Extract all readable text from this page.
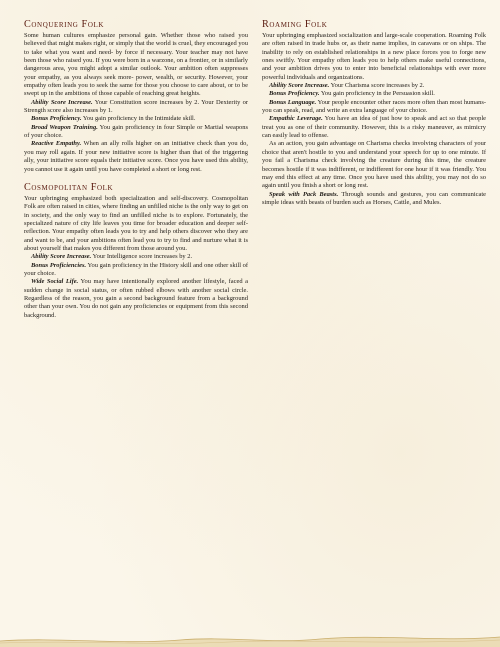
Conquering Folk

Some human cultures emphasize personal gain. Whether those who raised you believed that might makes right, or simply that the world is cruel, they encouraged you to take what you want and need- by force if necessary. Your teacher may not have been those who raised you. If you were born in a warzone, on a frontier, or in similarly dangerous area, you might adopt a similar outlook. Your ambition often suppresses your empathy, as you always seek more- power, wealth, or security. However, your empathy often leads you to seek the same for those you choose to care about, or to be swept up in the ambitions of those capable of reaching great heights.

Ability Score Increase. Your Constitution score increases by 2. Your Dexterity or Strength score also increases by 1.

Bonus Proficiency. You gain proficiency in the Intimidate skill.

Broad Weapon Training. You gain proficiency in four Simple or Martial weapons of your choice.

Reactive Empathy. When an ally rolls higher on an initiative check than you do, you may roll again. If your new initiative score is higher than that of the triggering ally, your initiative score equals their initiative score. Once you have used this ability, you cannot use it again until you have completed a short or long rest.

Cosmopolitan Folk

Your upbringing emphasized both specialization and self-discovery. Cosmopolitan Folk are often raised in cities, where finding an unfilled niche is the only way to get on in society, and the only way to find an unfilled niche is to explore. Fortunately, the specialized nature of city life leaves you time for broader education and deeper self-reflection. Your empathy often leads you to try and help others discover who they are and want to be, and your ambitions often lead you to try to find and nurture what it is about yourself that makes you different from those around you.

Ability Score Increase. Your Intelligence score increases by 2.

Bonus Proficiencies. You gain proficiency in the History skill and one other skill of your choice.

Wide Social Life. You may have intentionally explored another lifestyle, faced a sudden change in social status, or often rubbed elbows with another social circle. Regardless of the reason, you gain a second background feature from a background other than your own. You do not gain any proficiencies or equipment from this second background.

Roaming Folk

Your upbringing emphasized socialization and large-scale cooperation. Roaming Folk are often raised in trade hubs or, as their name implies, in caravans or on ships. The inability to rely on established relationships in a new place forces you to forge new ones swiftly. Your empathy often leads you to help others make useful connections, and your ambition drives you to enter into beneficial relationships with ever more powerful individuals and organizations.

Ability Score Increase. Your Charisma score increases by 2.

Bonus Proficiency. You gain proficiency in the Persuasion skill.

Bonus Language. Your people encounter other races more often than most humans- you can speak, read, and write an extra language of your choice.

Empathic Leverage. You have an idea of just how to speak and act so that people treat you as one of their community. However, this is a risky maneuver, as mimicry can easily lead to offense.

As an action, you gain advantage on Charisma checks involving characters of your choice that aren't hostile to you and understand your speech for up to one minute. If you fail a Charisma check involving the creature during this time, the creature becomes hostile if it was indifferent, or indifferent for one hour if it was friendly. You may end this effect at any time. Once you have used this ability, you may not do so again until you finish a short or long rest.

Speak with Pack Beasts. Through sounds and gestures, you can communicate simple ideas with beasts of burden such as Horses, Cattle, and Mules.
